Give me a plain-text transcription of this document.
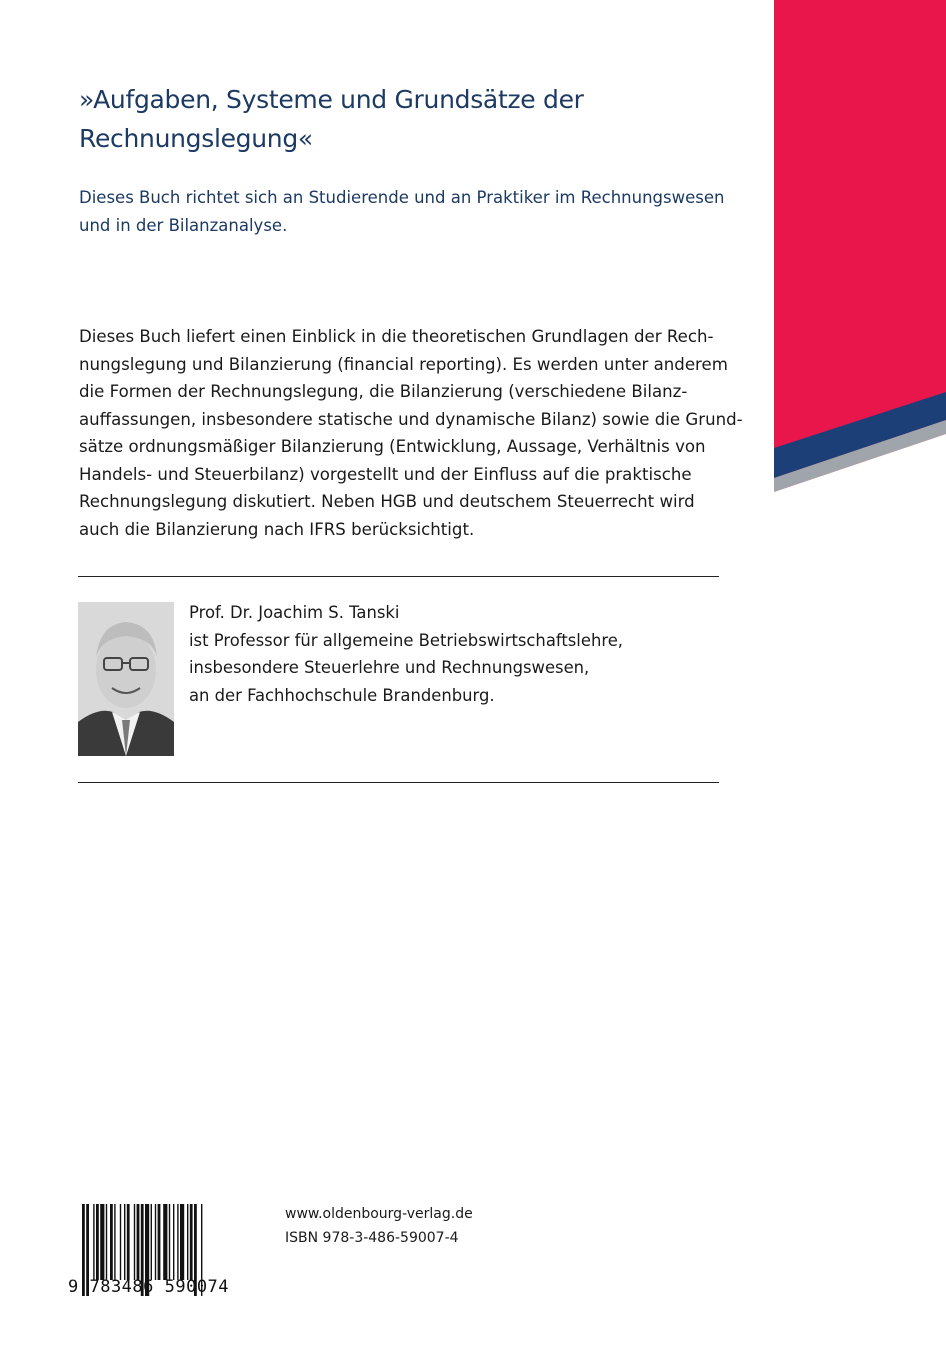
»Aufgaben, Systeme und Grundsätze der
Rechnungslegung«
Dieses Buch richtet sich an Studierende und an Praktiker im Rechnungswesen
und in der Bilanzanalyse.
Dieses Buch liefert einen Einblick in die theoretischen Grundlagen der Rech-
nungslegung und Bilanzierung (financial reporting). Es werden unter anderem
die Formen der Rechnungslegung, die Bilanzierung (verschiedene Bilanz-
auffassungen, insbesondere statische und dynamische Bilanz) sowie die Grund-
sätze ordnungsmäßiger Bilanzierung (Entwicklung, Aussage, Verhältnis von
Handels- und Steuerbilanz) vorgestellt und der Einfluss auf die praktische
Rechnungslegung diskutiert. Neben HGB und deutschem Steuerrecht wird
auch die Bilanzierung nach IFRS berücksichtigt.
Prof. Dr. Joachim S. Tanski
ist Professor für allgemeine Betriebswirtschaftslehre,
insbesondere Steuerlehre und Rechnungswesen,
an der Fachhochschule Brandenburg.
9 783486 590074
www.oldenbourg-verlag.de
ISBN 978-3-486-59007-4
